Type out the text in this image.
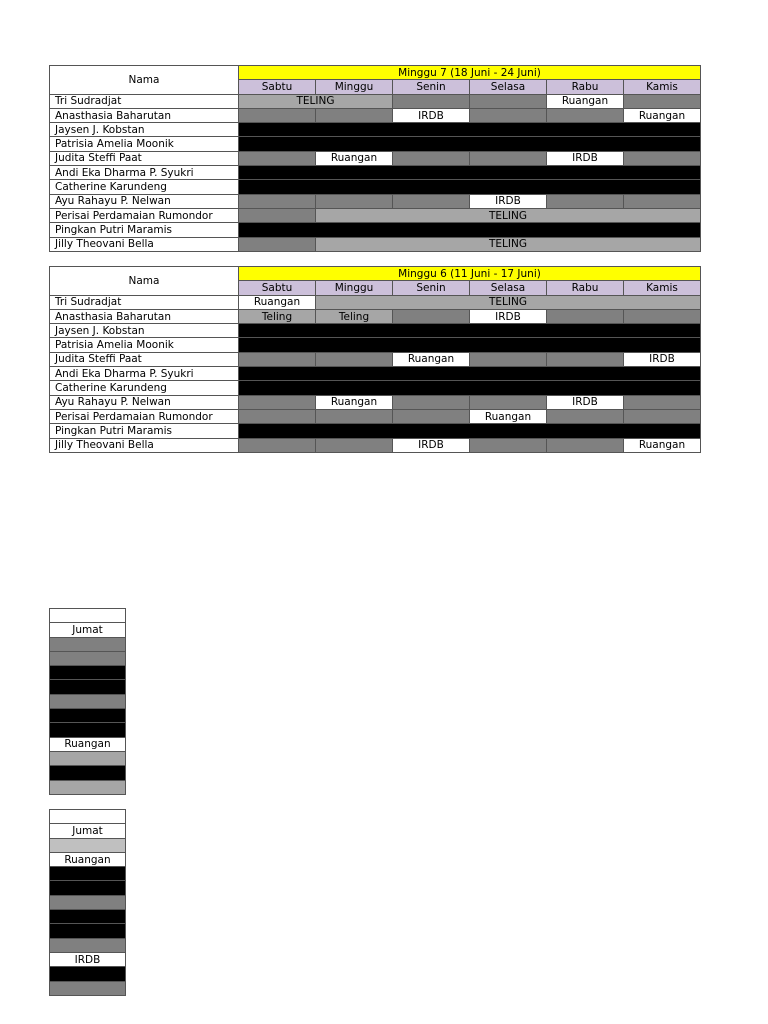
Nama	Minggu 7 (18 Juni - 24 Juni)					
	Sabtu	Minggu	Senin	Selasa	Rabu	Kamis
Tri Sudradjat	TELING				Ruangan	
Anasthasia Baharutan			IRDB			Ruangan
Jaysen J. Kobstan						
Patrisia Amelia Moonik						
Judita Steffi Paat		Ruangan			IRDB	
Andi Eka Dharma P. Syukri						
Catherine Karundeng						
Ayu Rahayu P. Nelwan				IRDB		
Perisai Perdamaian Rumondor		TELING				
Pingkan Putri Maramis						
Jilly Theovani Bella		TELING				
Nama	Minggu 6 (11 Juni - 17 Juni)					
	Sabtu	Minggu	Senin	Selasa	Rabu	Kamis
Tri Sudradjat	Ruangan	TELING				
Anasthasia Baharutan	Teling	Teling		IRDB		
Jaysen J. Kobstan						
Patrisia Amelia Moonik						
Judita Steffi Paat			Ruangan			IRDB
Andi Eka Dharma P. Syukri						
Catherine Karundeng						
Ayu Rahayu P. Nelwan		Ruangan			IRDB	
Perisai Perdamaian Rumondor				Ruangan		
Pingkan Putri Maramis						
Jilly Theovani Bella			IRDB			Ruangan

Jumat

Ruangan

Jumat

Ruangan

IRDB
